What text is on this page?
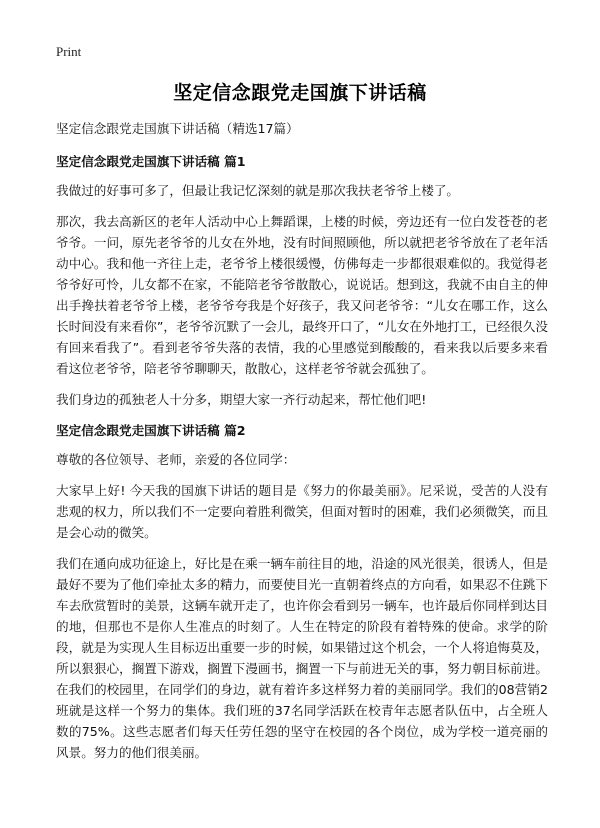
Print
坚定信念跟党走国旗下讲话稿

坚定信念跟党走国旗下讲话稿（精选17篇）

坚定信念跟党走国旗下讲话稿 篇1

我做过的好事可多了，但最让我记忆深刻的就是那次我扶老爷爷上楼了。

那次，我去高新区的老年人活动中心上舞蹈课，上楼的时候，旁边还有一位白发苍苍的老爷爷。一问，原先老爷爷的儿女在外地，没有时间照顾他，所以就把老爷爷放在了老年活动中心。我和他一齐往上走，老爷爷上楼很缓慢，仿佛每走一步都很艰难似的。我觉得老爷爷好可怜，儿女都不在家，不能陪老爷爷散散心，说说话。想到这，我就不由自主的伸出手搀扶着老爷爷上楼，老爷爷夸我是个好孩子，我又问老爷爷：“儿女在哪工作，这么长时间没有来看你”，老爷爷沉默了一会儿，最终开口了，“儿女在外地打工，已经很久没有回来看我了”。看到老爷爷失落的表情，我的心里感觉到酸酸的，看来我以后要多来看看这位老爷爷，陪老爷爷聊聊天，散散心，这样老爷爷就会孤独了。

我们身边的孤独老人十分多，期望大家一齐行动起来，帮忙他们吧!

坚定信念跟党走国旗下讲话稿 篇2

尊敬的各位领导、老师，亲爱的各位同学：

大家早上好! 今天我的国旗下讲话的题目是《努力的你最美丽》。尼采说，受苦的人没有悲观的权力，所以我们不一定要向着胜利微笑，但面对暂时的困难，我们必须微笑，而且是会心动的微笑。

我们在通向成功征途上，好比是在乘一辆车前往目的地，沿途的风光很美，很诱人，但是最好不要为了他们牵扯太多的精力，而要使目光一直朝着终点的方向看，如果忍不住跳下车去欣赏暂时的美景，这辆车就开走了，也许你会看到另一辆车，也许最后你同样到达目的地，但那也不是你人生准点的时刻了。人生在特定的阶段有着特殊的使命。求学的阶段，就是为实现人生目标迈出重要一步的时候，如果错过这个机会，一个人将追悔莫及，所以狠狠心，搁置下游戏，搁置下漫画书，搁置一下与前进无关的事，努力朝目标前进。在我们的校园里，在同学们的身边，就有着许多这样努力着的美丽同学。我们的08营销2班就是这样一个努力的集体。我们班的37名同学活跃在校青年志愿者队伍中，占全班人数的75%。这些志愿者们每天任劳任怨的坚守在校园的各个岗位，成为学校一道亮丽的风景。努力的他们很美丽。
